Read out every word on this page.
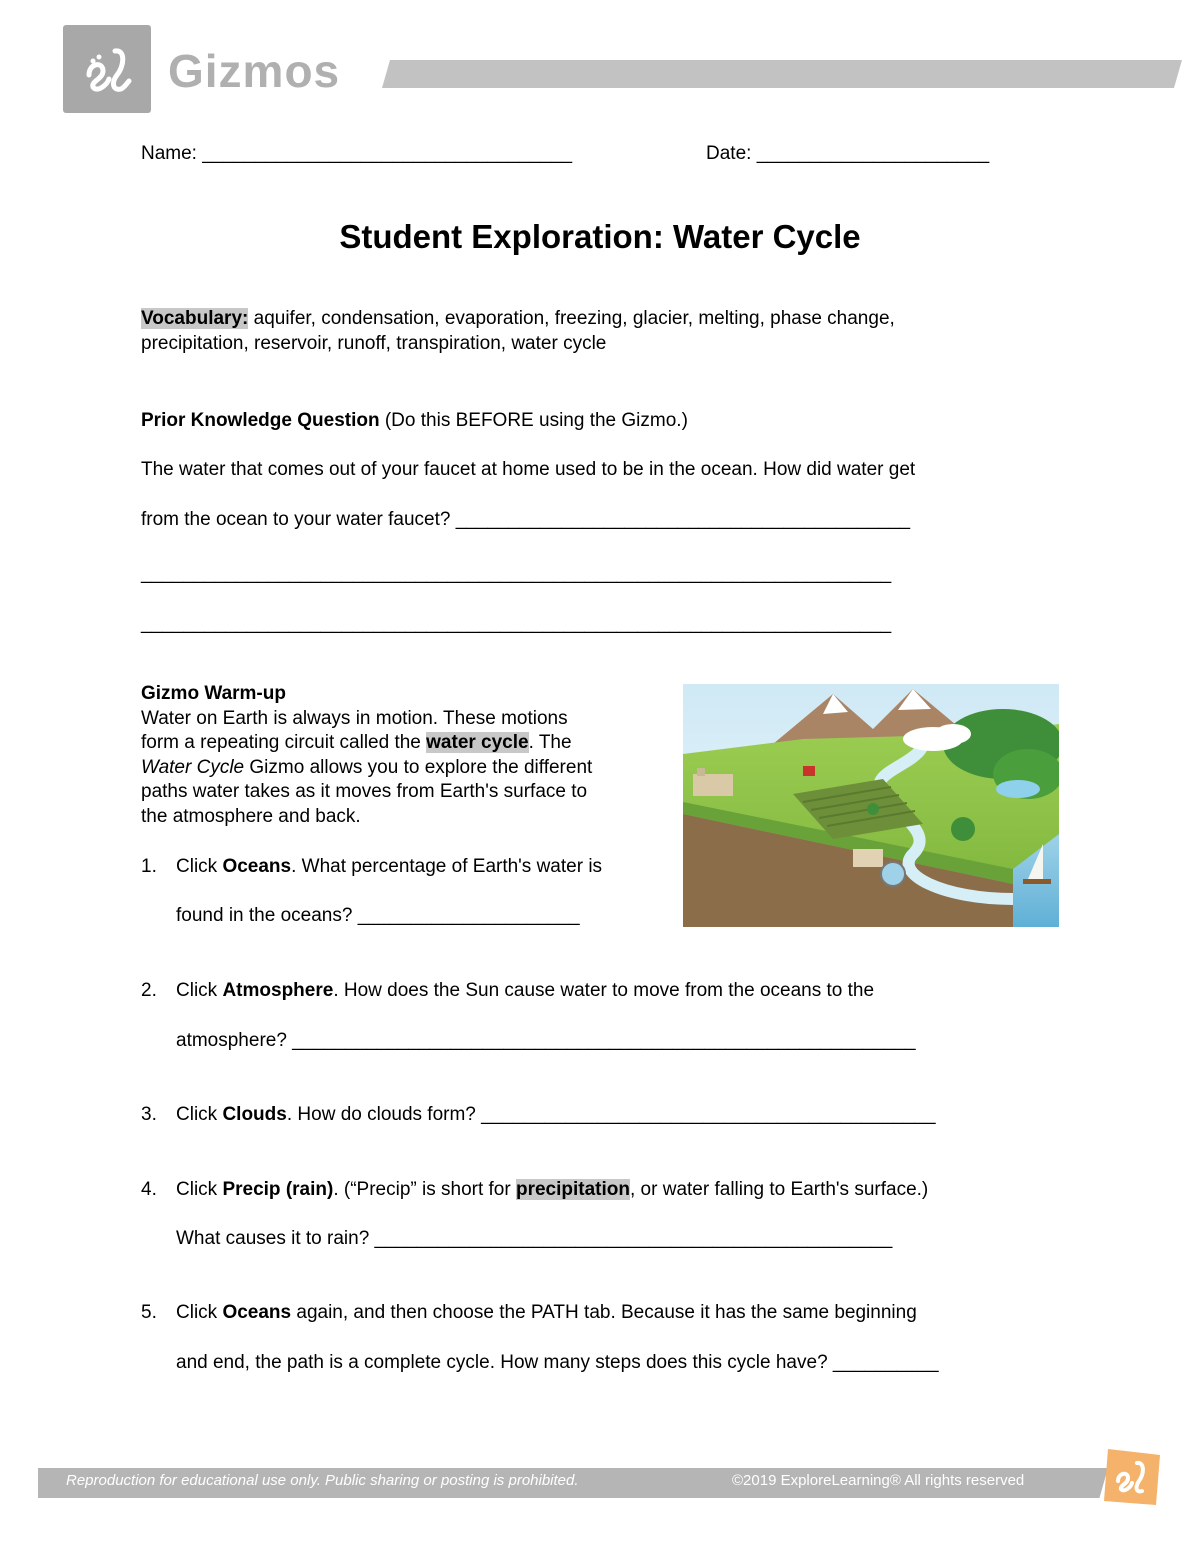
Gizmos
Name: ___________________________________	Date: ______________________
Student Exploration: Water Cycle
Vocabulary: aquifer, condensation, evaporation, freezing, glacier, melting, phase change,
precipitation, reservoir, runoff, transpiration, water cycle
Prior Knowledge Question (Do this BEFORE using the Gizmo.)
The water that comes out of your faucet at home used to be in the ocean. How did water get
from the ocean to your water faucet? ___________________________________________
_______________________________________________________________________
_______________________________________________________________________
Gizmo Warm-up
Water on Earth is always in motion. These motions
form a repeating circuit called the water cycle. The
Water Cycle Gizmo allows you to explore the different
paths water takes as it moves from Earth's surface to
the atmosphere and back.
1. Click Oceans. What percentage of Earth's water is
found in the oceans? _____________________
2. Click Atmosphere. How does the Sun cause water to move from the oceans to the
atmosphere? ___________________________________________________________
3. Click Clouds. How do clouds form? ___________________________________________
4. Click Precip (rain). (“Precip” is short for precipitation, or water falling to Earth's surface.)
What causes it to rain? _________________________________________________
5. Click Oceans again, and then choose the PATH tab. Because it has the same beginning
and end, the path is a complete cycle. How many steps does this cycle have? __________
Reproduction for educational use only. Public sharing or posting is prohibited.	©2019 ExploreLearning® All rights reserved
